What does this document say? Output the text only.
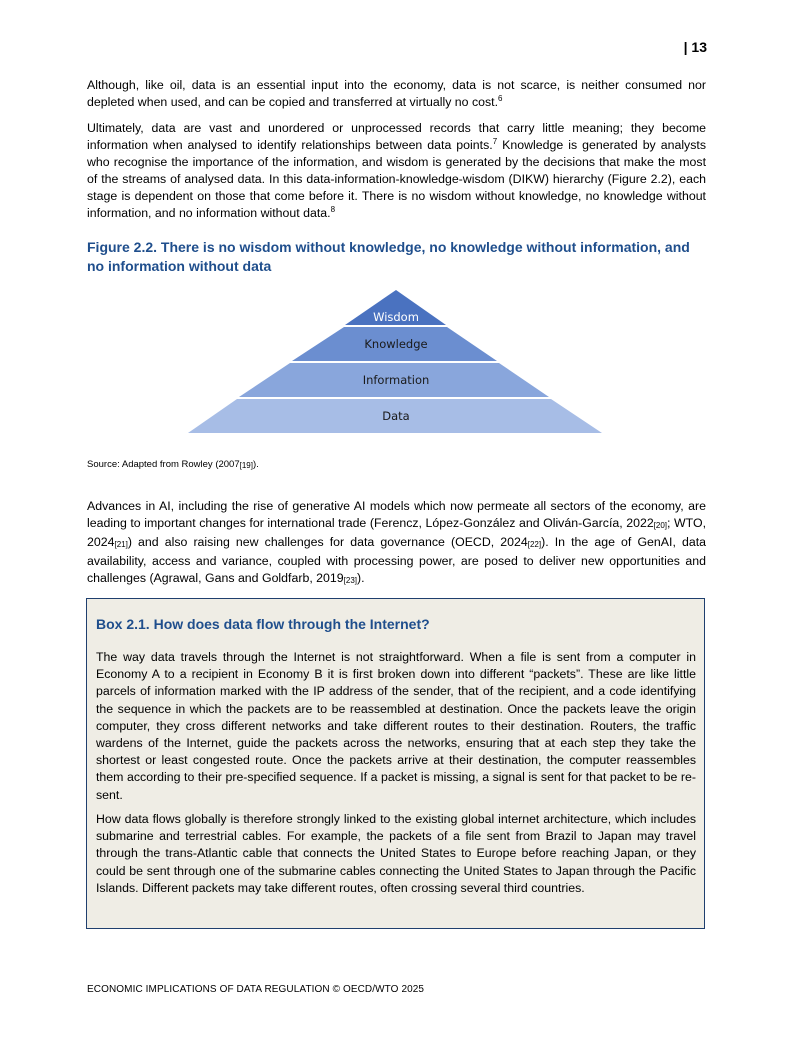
| 13

Although, like oil, data is an essential input into the economy, data is not scarce, is neither consumed nor depleted when used, and can be copied and transferred at virtually no cost.$^6$

Ultimately, data are vast and unordered or unprocessed records that carry little meaning; they become information when analysed to identify relationships between data points.$^7$ Knowledge is generated by analysts who recognise the importance of the information, and wisdom is generated by the decisions that make the most of the streams of analysed data. In this data-information-knowledge-wisdom (DIKW) hierarchy (Figure 2.2), each stage is dependent on those that come before it. There is no wisdom without knowledge, no knowledge without information, and no information without data.$^8$

Figure 2.2. There is no wisdom without knowledge, no knowledge without information, and no information without data

Wisdom
Knowledge
Information
Data

Source: Adapted from Rowley (2007[19]).

Advances in AI, including the rise of generative AI models which now permeate all sectors of the economy, are leading to important changes for international trade (Ferencz, López-González and Oliván-García, 2022[20]; WTO, 2024[21]) and also raising new challenges for data governance (OECD, 2024[22]). In the age of GenAI, data availability, access and variance, coupled with processing power, are posed to deliver new opportunities and challenges (Agrawal, Gans and Goldfarb, 2019[23]).

Box 2.1. How does data flow through the Internet?

The way data travels through the Internet is not straightforward. When a file is sent from a computer in Economy A to a recipient in Economy B it is first broken down into different “packets”. These are like little parcels of information marked with the IP address of the sender, that of the recipient, and a code identifying the sequence in which the packets are to be reassembled at destination. Once the packets leave the origin computer, they cross different networks and take different routes to their destination. Routers, the traffic wardens of the Internet, guide the packets across the networks, ensuring that at each step they take the shortest or least congested route. Once the packets arrive at their destination, the computer reassembles them according to their pre-specified sequence. If a packet is missing, a signal is sent for that packet to be re-sent.

How data flows globally is therefore strongly linked to the existing global internet architecture, which includes submarine and terrestrial cables. For example, the packets of a file sent from Brazil to Japan may travel through the trans-Atlantic cable that connects the United States to Europe before reaching Japan, or they could be sent through one of the submarine cables connecting the United States to Japan through the Pacific Islands. Different packets may take different routes, often crossing several third countries.

ECONOMIC IMPLICATIONS OF DATA REGULATION © OECD/WTO 2025
